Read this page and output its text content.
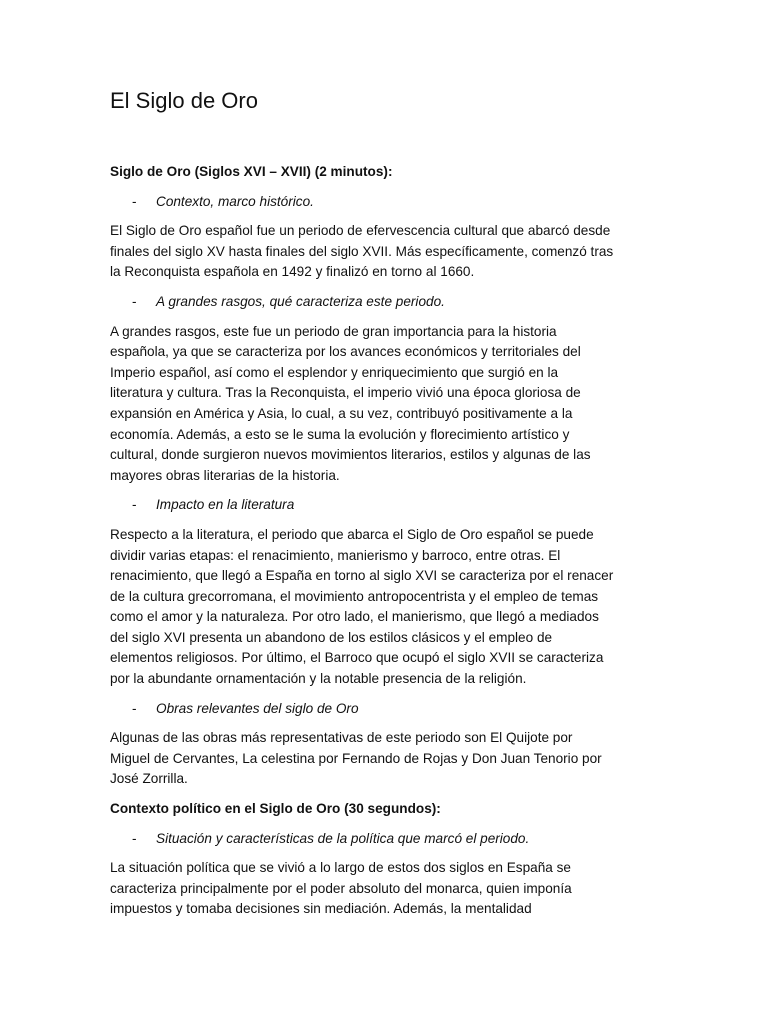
El Siglo de Oro
Siglo de Oro (Siglos XVI – XVII) (2 minutos):
-	Contexto, marco histórico.
El Siglo de Oro español fue un periodo de efervescencia cultural que abarcó desde
finales del siglo XV hasta finales del siglo XVII. Más específicamente, comenzó tras
la Reconquista española en 1492 y finalizó en torno al 1660.
-	A grandes rasgos, qué caracteriza este periodo.
A grandes rasgos, este fue un periodo de gran importancia para la historia
española, ya que se caracteriza por los avances económicos y territoriales del
Imperio español, así como el esplendor y enriquecimiento que surgió en la
literatura y cultura. Tras la Reconquista, el imperio vivió una época gloriosa de
expansión en América y Asia, lo cual, a su vez, contribuyó positivamente a la
economía. Además, a esto se le suma la evolución y florecimiento artístico y
cultural, donde surgieron nuevos movimientos literarios, estilos y algunas de las
mayores obras literarias de la historia.
-	Impacto en la literatura
Respecto a la literatura, el periodo que abarca el Siglo de Oro español se puede
dividir varias etapas: el renacimiento, manierismo y barroco, entre otras. El
renacimiento, que llegó a España en torno al siglo XVI se caracteriza por el renacer
de la cultura grecorromana, el movimiento antropocentrista y el empleo de temas
como el amor y la naturaleza. Por otro lado, el manierismo, que llegó a mediados
del siglo XVI presenta un abandono de los estilos clásicos y el empleo de
elementos religiosos. Por último, el Barroco que ocupó el siglo XVII se caracteriza
por la abundante ornamentación y la notable presencia de la religión.
-	Obras relevantes del siglo de Oro
Algunas de las obras más representativas de este periodo son El Quijote por
Miguel de Cervantes, La celestina por Fernando de Rojas y Don Juan Tenorio por
José Zorrilla.
Contexto político en el Siglo de Oro (30 segundos):
-	Situación y características de la política que marcó el periodo.
La situación política que se vivió a lo largo de estos dos siglos en España se
caracteriza principalmente por el poder absoluto del monarca, quien imponía
impuestos y tomaba decisiones sin mediación. Además, la mentalidad
